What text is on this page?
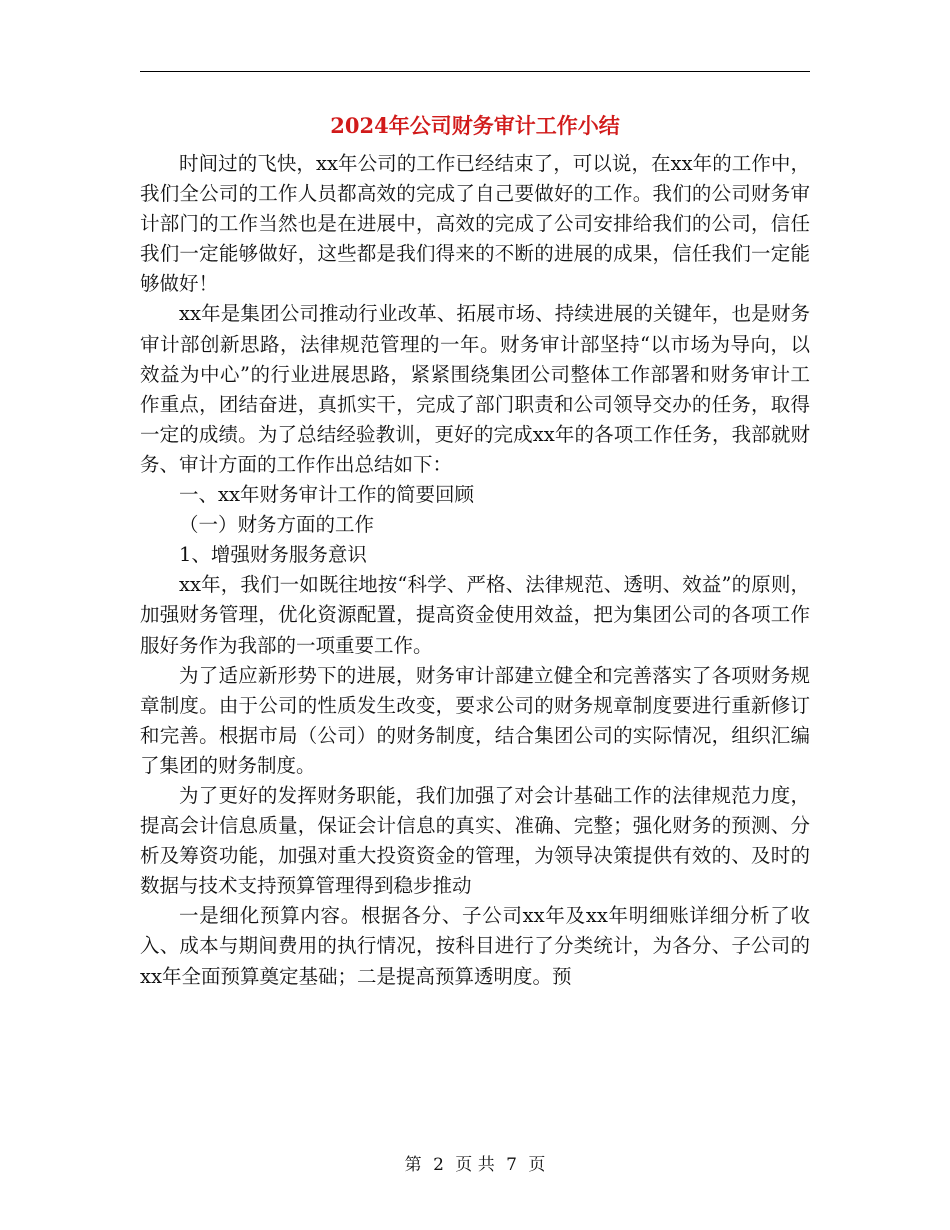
2024年公司财务审计工作小结

时间过的飞快，xx年公司的工作已经结束了，可以说，在xx年的工作中，我们全公司的工作人员都高效的完成了自己要做好的工作。我们的公司财务审计部门的工作当然也是在进展中，高效的完成了公司安排给我们的公司，信任我们一定能够做好，这些都是我们得来的不断的进展的成果，信任我们一定能够做好！

xx年是集团公司推动行业改革、拓展市场、持续进展的关键年，也是财务审计部创新思路，法律规范管理的一年。财务审计部坚持“以市场为导向，以效益为中心”的行业进展思路，紧紧围绕集团公司整体工作部署和财务审计工作重点，团结奋进，真抓实干，完成了部门职责和公司领导交办的任务，取得一定的成绩。为了总结经验教训，更好的完成xx年的各项工作任务，我部就财务、审计方面的工作作出总结如下：

一、xx年财务审计工作的简要回顾

（一）财务方面的工作

1、增强财务服务意识

xx年，我们一如既往地按“科学、严格、法律规范、透明、效益”的原则，加强财务管理，优化资源配置，提高资金使用效益，把为集团公司的各项工作服好务作为我部的一项重要工作。

为了适应新形势下的进展，财务审计部建立健全和完善落实了各项财务规章制度。由于公司的性质发生改变，要求公司的财务规章制度要进行重新修订和完善。根据市局（公司）的财务制度，结合集团公司的实际情况，组织汇编了集团的财务制度。

为了更好的发挥财务职能，我们加强了对会计基础工作的法律规范力度，提高会计信息质量，保证会计信息的真实、准确、完整；强化财务的预测、分析及筹资功能，加强对重大投资资金的管理，为领导决策提供有效的、及时的数据与技术支持预算管理得到稳步推动

一是细化预算内容。根据各分、子公司xx年及xx年明细账详细分析了收入、成本与期间费用的执行情况，按科目进行了分类统计，为各分、子公司的xx年全面预算奠定基础；二是提高预算透明度。预

第 2 页 共 7 页
